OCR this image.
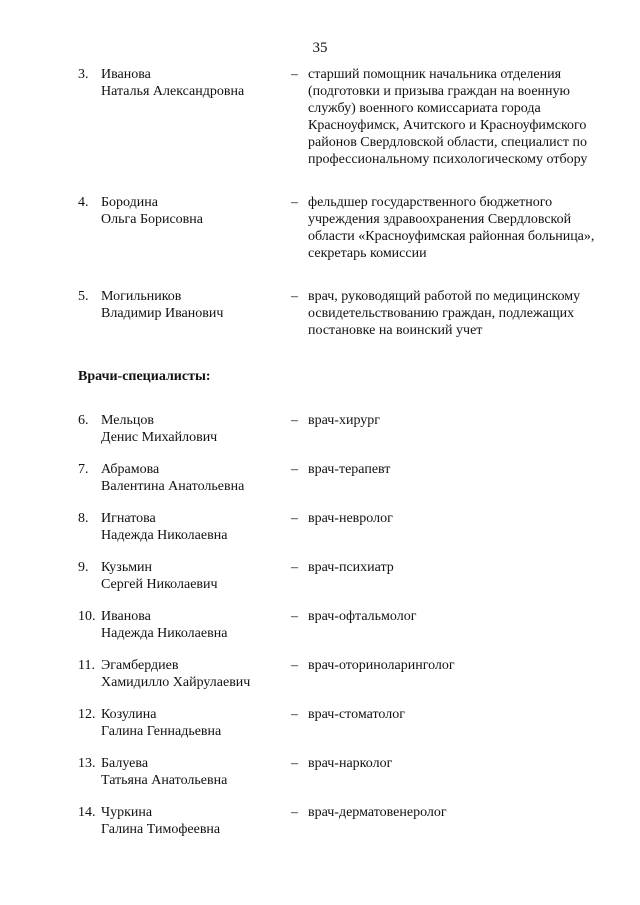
35
3. Иванова
Наталья Александровна
– старший помощник начальника отделения (подготовки и призыва граждан на военную службу) военного комиссариата города Красноуфимск, Ачитского и Красноуфимского районов Свердловской области, специалист по профессиональному психологическому отбору
4. Бородина
Ольга Борисовна
– фельдшер государственного бюджетного учреждения здравоохранения Свердловской области «Красноуфимская районная больница», секретарь комиссии
5. Могильников
Владимир Иванович
– врач, руководящий работой по медицинскому освидетельствованию граждан, подлежащих постановке на воинский учет
Врачи-специалисты:
6. Мельцов
Денис Михайлович
– врач-хирург
7. Абрамова
Валентина Анатольевна
– врач-терапевт
8. Игнатова
Надежда Николаевна
– врач-невролог
9. Кузьмин
Сергей Николаевич
– врач-психиатр
10. Иванова
Надежда Николаевна
– врач-офтальмолог
11. Эгамбердиев
Хамидилло Хайрулаевич
– врач-оториноларинголог
12. Козулина
Галина Геннадьевна
– врач-стоматолог
13. Балуева
Татьяна Анатольевна
– врач-нарколог
14. Чуркина
Галина Тимофеевна
– врач-дерматовенеролог
